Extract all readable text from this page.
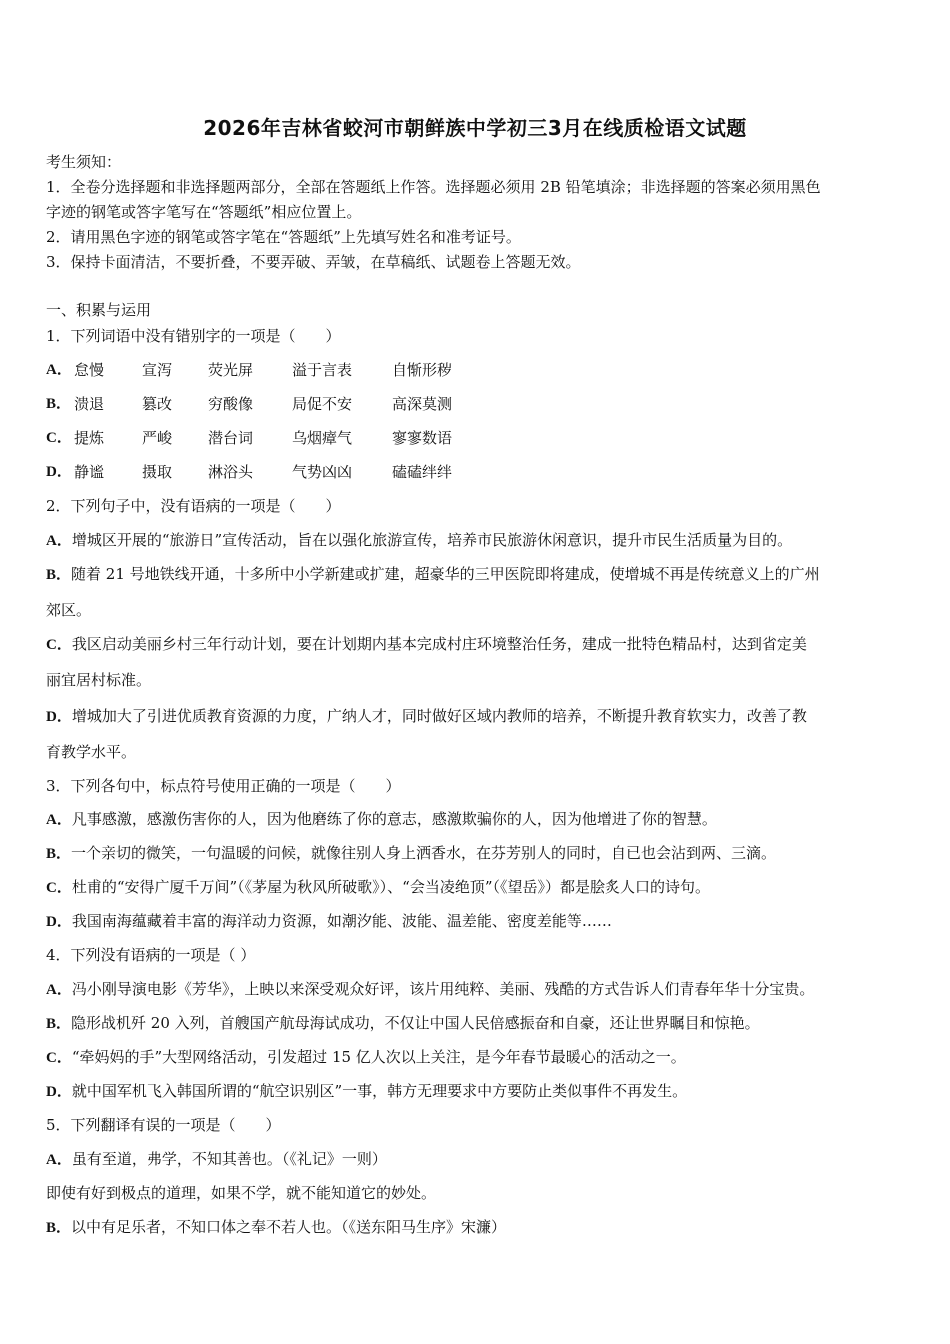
2026年吉林省蛟河市朝鲜族中学初三3月在线质检语文试题
考生须知：
1．全卷分选择题和非选择题两部分，全部在答题纸上作答。选择题必须用 2B 铅笔填涂；非选择题的答案必须用黑色
字迹的钢笔或答字笔写在“答题纸”相应位置上。
2．请用黑色字迹的钢笔或答字笔在“答题纸”上先填写姓名和准考证号。
3．保持卡面清洁，不要折叠，不要弄破、弄皱，在草稿纸、试题卷上答题无效。
一、积累与运用
1．下列词语中没有错别字的一项是（　　）
A． 怠慢	宣泻 荧光屏	溢于言表	自惭形秽
B． 溃退	篡改 穷酸像	局促不安	高深莫测
C． 提炼	严峻 潜台词	乌烟瘴气	寥寥数语
D． 静谧	摄取 淋浴头	气势凶凶	磕磕绊绊
2．下列句子中，没有语病的一项是（　　）
A．增城区开展的“旅游日”宣传活动，旨在以强化旅游宣传，培养市民旅游休闲意识，提升市民生活质量为目的。
B．随着 21 号地铁线开通，十多所中小学新建或扩建，超豪华的三甲医院即将建成，使增城不再是传统意义上的广州
郊区。
C．我区启动美丽乡村三年行动计划，要在计划期内基本完成村庄环境整治任务，建成一批特色精品村，达到省定美
丽宜居村标准。
D．增城加大了引进优质教育资源的力度，广纳人才，同时做好区域内教师的培养，不断提升教育软实力，改善了教
育教学水平。
3．下列各句中，标点符号使用正确的一项是（　　）
A．凡事感激，感激伤害你的人，因为他磨练了你的意志，感激欺骗你的人，因为他增进了你的智慧。
B．一个亲切的微笑，一句温暖的问候，就像往别人身上洒香水，在芬芳别人的同时，自已也会沾到两、三滴。
C．杜甫的“安得广厦千万间”（《茅屋为秋风所破歌》）、“会当凌绝顶”（《望岳》）都是脍炙人口的诗句。
D．我国南海蕴藏着丰富的海洋动力资源，如潮汐能、波能、温差能、密度差能等……
4．下列没有语病的一项是（ ）
A．冯小刚导演电影《芳华》，上映以来深受观众好评，该片用纯粹、美丽、残酷的方式告诉人们青春年华十分宝贵。
B．隐形战机歼 20 入列，首艘国产航母海试成功，不仅让中国人民倍感振奋和自豪，还让世界瞩目和惊艳。
C．“牵妈妈的手”大型网络活动，引发超过 15 亿人次以上关注，是今年春节最暖心的活动之一。
D．就中国军机飞入韩国所谓的“航空识别区”一事，韩方无理要求中方要防止类似事件不再发生。
5．下列翻译有误的一项是（　　）
A．虽有至道，弗学，不知其善也。（《礼记》一则）
即使有好到极点的道理，如果不学，就不能知道它的妙处。
B．以中有足乐者，不知口体之奉不若人也。（《送东阳马生序》宋濂）
